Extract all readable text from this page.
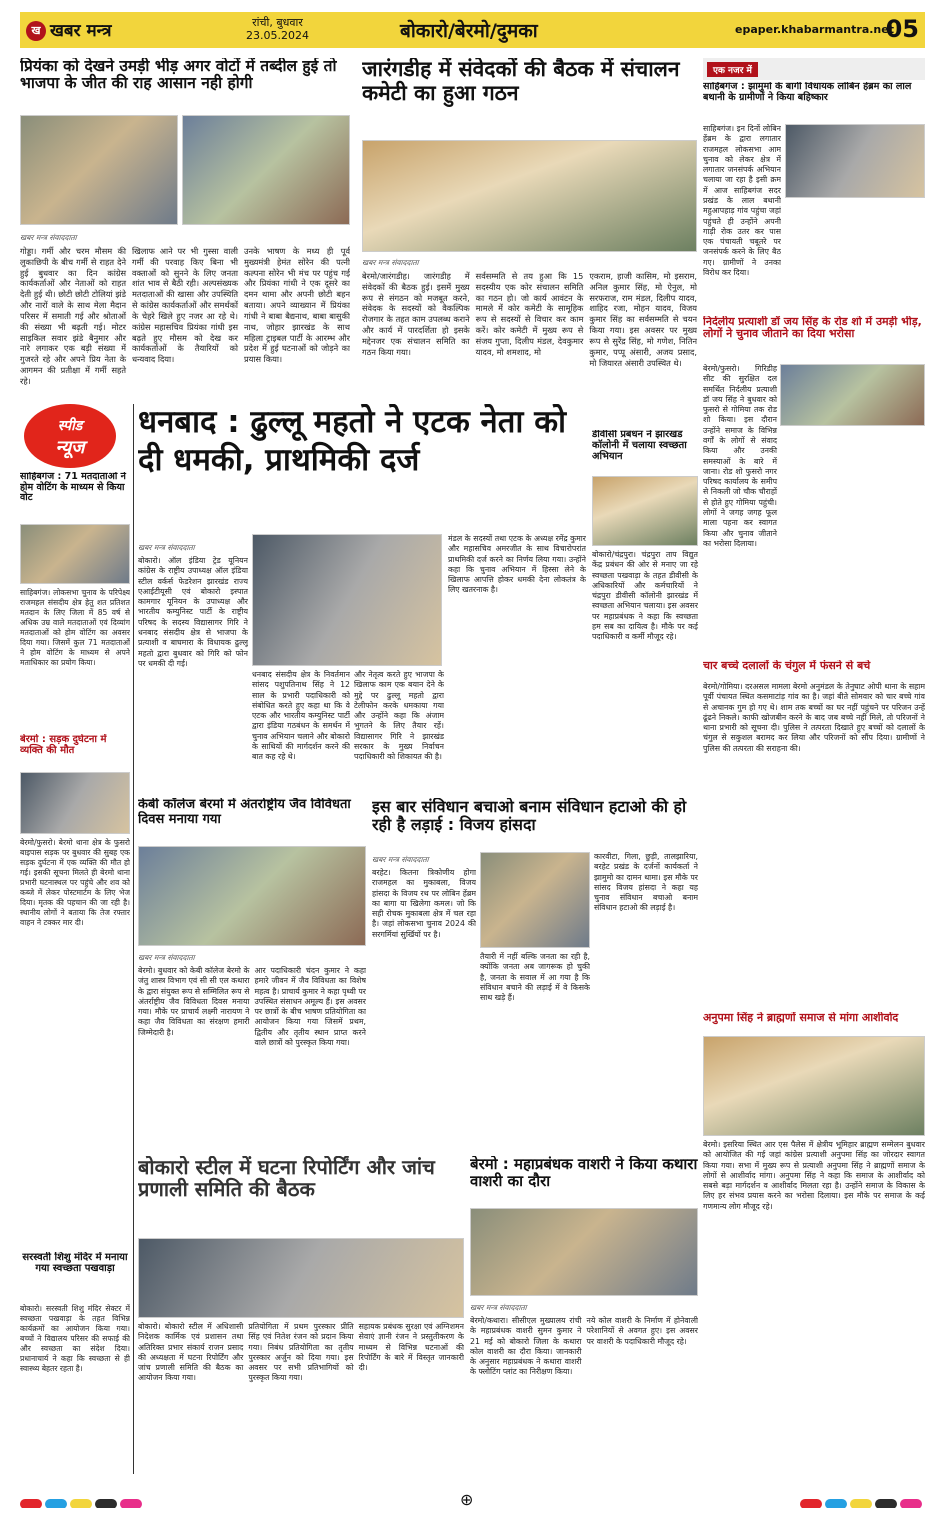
ख खबर मन्त्र	रांची, बुधवार
23.05.2024	बोकारो/बेरमो/दुमका	epaper.khabarmantra.net
05
प्रियंका को देखने उमड़ी भीड़ अगर वोटों में तब्दील हुई तो भाजपा के जीत की राह आसान नही होगी
खबर मन्त्र संवाददाता
गोड्डा। गर्मी और चरम मौसम की लुकाछिपी के बीच गर्मी से राहत देने हुई बुधवार का दिन कांग्रेस कार्यकर्ताओं और नेताओं को राहत देती हुई थी। छोटी छोटी टोलियां झंडे और नारों वाले के साथ मेला मैदान परिसर में समाती गई और श्रोताओं की संख्या भी बढ़ती गई। मोटर साइकिल सवार झंडे बैनुमार और नारे लगाकर एक बड़ी संख्या में गुजरते रहे और अपने प्रिय नेता के आगमन की प्रतीक्षा में गर्मी सहते रहे।
खिलाफ आने पर भी गुस्सा वाली गर्मी की परवाह किए बिना भी वक्ताओं को सुनने के लिए जनता शांत भाव से बैठी रही। अल्पसंख्यक मतदाताओं की खासा और उपस्थिति से कांग्रेस कार्यकर्ताओं और समर्थकों के चेहरे खिले हुए नजर आ रहे थे। कांग्रेस महासचिव प्रियंका गांधी इस बढ़ते हुए मौसम को देख कर कार्यकर्ताओं के तैयारियों को धन्यवाद दिया।
उनके भाषण के मध्य ही पूर्व मुख्यमंत्री हेमंत सोरेन की पत्नी कल्पना सोरेन भी मंच पर पहुंच गई और प्रियंका गांधी ने एक दूसरे का दमन थामा और अपनी छोटी बहन बताया। अपने व्याख्यान में प्रियंका गांधी ने बाबा बैद्यनाथ, बाबा बासुकी नाथ, जोहार झारखंड के साथ महिला ट्राइबल पार्टी के आरम्भ और प्रदेश में हुई घटनाओं को जोड़ने का प्रयास किया।
जारंगडीह में संवेदकों की बैठक में संचालन कमेटी का हुआ गठन
खबर मन्त्र संवाददाता
बेरमो/जारंगडीह। जारंगडीह में संवेदकों की बैठक हुई। इसमें मुख्य रूप से संगठन को मजबूत करने, संवेदक के सदस्यों को वैकल्पिक रोजगार के तहत काम उपलब्ध कराने और कार्य में पारदर्शिता हो इसके मद्देनजर एक संचालन समिति का गठन किया गया।
सर्वसम्मति से तय हुआ कि 15 सदस्यीय एक कोर संचालन समिति का गठन हो। जो कार्य आवंटन के मामले में कोर कमेटी के सामूहिक रूप से सदस्यों से विचार कर काम करें। कोर कमेटी में मुख्य रूप से संजय गुप्ता, दिलीप मंडल, देवकुमार यादव, मो शमशाद, मो
एकराम, हाजी कासिम, मो इसराम, अनिल कुमार सिंह, मो ऐनुल, मो सरफराज, राम मंडल, दिलीप यादव, शाहिद रजा, मोहन यादव, विजय कुमार सिंह का सर्वसम्मति से चयन किया गया। इस अवसर पर मुख्य रूप से सुरेंद्र सिंह, मो गणेश, नितिन कुमार, पप्पू अंसारी, अजय प्रसाद, मो जियारत अंसारी उपस्थित थे।
एक नजर में
साहिबगंज : झामुमो के बागी विधायक लोबिन हेंब्रम का लाल बथानी के ग्रामीणों ने किया बहिष्कार
साहिबगंज। इन दिनों लोबिन हेंब्रम के द्वारा लगातार राजमहल लोकसभा आम चुनाव को लेकर क्षेत्र में लगातार जनसंपर्क अभियान चलाया जा रहा है इसी क्रम में आज साहिबगंज सदर प्रखंड के लाल बथानी महुआपहाड़ गांव पहुंचा जहां पहुंचते ही उन्होंने अपनी गाड़ी रोक उतर कर पास एक पंचायती चबूतरे पर जनसंपर्क करने के लिए बैठ गए। ग्रामीणों ने उनका विरोध कर दिया।
निर्दलीय प्रत्याशी डॉ जय सिंह के रोड शो में उमड़ी भीड़, लोगों ने चुनाव जीताने का दिया भरोसा
बेरमो/फुसरो। गिरिडीह सीट की सुरक्षित दल समर्थित निर्दलीय प्रत्याशी डॉ जय सिंह ने बुधवार को फुसरो से गोमिया तक रोड शो किया। इस दौरान उन्होंने समाज के विभिन्न वर्गों के लोगों से संवाद किया और उनकी समस्याओं के बारे में जाना। रोड शो फुसरो नगर परिषद कार्यालय के समीप से निकली जो चौक चौराहों से होते हुए गोमिया पहुंची। लोगों ने जगह जगह फूल माला पहना कर स्वागत किया और चुनाव जीताने का भरोसा दिलाया।
चार बच्चे दलालों के चंगुल में फंसने से बचे
बेरमो/गोमिया। दरअसल मामला बेरमो अनुमंडल के तेनुघाट ओपी थाना के सहाम पूर्वी पंचायत स्थित कसमाटांड़ गांव का है। जहां बीते सोमवार को चार बच्चे गांव से अचानक गुम हो गए थे। शाम तक बच्चों का घर नहीं पहुंचने पर परिजन उन्हें ढूंढने निकले। काफी खोजबीन करने के बाद जब बच्चे नहीं मिले, तो परिजनों ने थाना प्रभारी को सूचना दी। पुलिस ने तत्परता दिखाते हुए बच्चों को दलालों के चंगुल से सकुशल बरामद कर लिया और परिजनों को सौंप दिया। ग्रामीणों ने पुलिस की तत्परता की सराहना की।
अनुपमा सिंह ने ब्राह्मणों समाज से मांगा आशीर्वाद
बेरमो। इसरिया स्थित आर एस पैलेस में क्षेत्रीय भूमिहार ब्राह्मण सम्मेलन बुधवार को आयोजित की गई जहां कांग्रेस प्रत्याशी अनुपमा सिंह का जोरदार स्वागत किया गया। सभा में मुख्य रूप से प्रत्याशी अनुपमा सिंह ने ब्राह्मणों समाज के लोगों से आशीर्वाद मांगा। अनुपमा सिंह ने कहा कि समाज के आशीर्वाद को सबसे बड़ा मार्गदर्शन व आशीर्वाद मिलता रहा है। उन्होंने समाज के विकास के लिए हर संभव प्रयास करने का भरोसा दिलाया। इस मौके पर समाज के कई गणमान्य लोग मौजूद रहे।
स्पीड
न्यूज
साहिबगंज : 71 मतदाताओं ने होम वोटिंग के माध्यम से किया वोट
साहिबगंज। लोकसभा चुनाव के परिपेक्ष्य राजमहल संसदीय क्षेत्र हेतु शत प्रतिशत मतदान के लिए जिला में 85 वर्ष से अधिक उम्र वाले मतदाताओं एवं दिव्यांग मतदाताओं को होम वोटिंग का अवसर दिया गया। जिसमें कुल 71 मतदाताओं ने होम वोटिंग के माध्यम से अपने मताधिकार का प्रयोग किया।
बेरमो : सड़क दुर्घटना में व्यक्ति की मौत
बेरमो/फुसरो। बेरमो थाना क्षेत्र के फुसरो बाइपास सड़क पर बुधवार की सुबह एक सड़क दुर्घटना में एक व्यक्ति की मौत हो गई। इसकी सूचना मिलते ही बेरमो थाना प्रभारी घटनास्थल पर पहुंचे और शव को कब्जे में लेकर पोस्टमार्टम के लिए भेज दिया। मृतक की पहचान की जा रही है। स्थानीय लोगों ने बताया कि तेज रफ्तार वाहन ने टक्कर मार दी।
सरस्वती शिशु मंदिर में मनाया गया स्वच्छता पखवाड़ा
बोकारो। सरस्वती शिशु मंदिर सेक्टर में स्वच्छता पखवाड़ा के तहत विभिन्न कार्यक्रमों का आयोजन किया गया। बच्चों ने विद्यालय परिसर की सफाई की और स्वच्छता का संदेश दिया। प्रधानाचार्य ने कहा कि स्वच्छता से ही स्वास्थ्य बेहतर रहता है।
धनबाद : ढुल्लू महतो ने एटक नेता को दी धमकी, प्राथमिकी दर्ज
खबर मन्त्र संवाददाता
बोकारो। ऑल इंडिया ट्रेड यूनियन कांग्रेस के राष्ट्रीय उपाध्यक्ष ऑल इंडिया स्टील वर्कर्स फेडरेशन झारखंड राज्य एआईटीयूसी एवं बोकारो इस्पात कामगार यूनियन के उपाध्यक्ष और भारतीय कम्युनिस्ट पार्टी के राष्ट्रीय परिषद के सदस्य विद्यासागर गिरि ने धनबाद संसदीय क्षेत्र से भाजपा के प्रत्याशी व बाघमारा के विधायक ढुल्लू महतो द्वारा बुधवार को गिरि को फोन पर धमकी दी गई।
धनबाद संसदीय क्षेत्र के निवर्तमान सांसद पशुपतिनाथ सिंह ने 12 साल के प्रभारी पदाधिकारी को संबोधित करते हुए कहा था कि वे एटक और भारतीय कम्युनिस्ट पार्टी द्वारा इंडिया गठबंधन के समर्थन में चुनाव अभियान चलाने और बोकारो के साथियों की मार्गदर्शन करने की बात कह रहे थे।
और नेतृत्व करते हुए भाजपा के खिलाफ काम एक बयान देने के मुद्दे पर ढुल्लू महतो द्वारा टेलीफोन करके धमकाया गया और उन्होंने कहा कि अंजाम भुगतने के लिए तैयार रहें। विद्यासागर गिरि ने झारखंड सरकार के मुख्य निर्वाचन पदाधिकारी को शिकायत की है।
मंडल के सदस्यों तथा एटक के अध्यक्ष रमेंद्र कुमार और महासचिव अमरजीत के साथ विचारोपरांत प्राथमिकी दर्ज करने का निर्णय लिया गया। उन्होंने कहा कि चुनाव अभियान में हिस्सा लेने के खिलाफ आपत्ति होकर धमकी देना लोकतंत्र के लिए खतरनाक है।
डीवीसी प्रबंधन ने झारखंड कॉलोनी में चलाया स्वच्छता अभियान
बोकारो/चंद्रपुरा। चंद्रपुरा ताप विद्युत केंद्र प्रबंधन की ओर से मनाए जा रहे स्वच्छता पखवाड़ा के तहत डीवीसी के अधिकारियों और कर्मचारियों ने चंद्रपुरा डीवीसी कॉलोनी झारखंड में स्वच्छता अभियान चलाया। इस अवसर पर महाप्रबंधक ने कहा कि स्वच्छता हम सब का दायित्व है। मौके पर कई पदाधिकारी व कर्मी मौजूद रहे।
केबी कॉलेज बेरमो में अंतर्राष्ट्रीय जैव विविधता दिवस मनाया गया
खबर मन्त्र संवाददाता
बेरमो। बुधवार को केबी कॉलेज बेरमो के जंतु शास्त्र विभाग एवं सी सी एल कथारा के द्वारा संयुक्त रूप से सम्मिलित रूप से अंतर्राष्ट्रीय जैव विविधता दिवस मनाया गया। मौके पर प्राचार्य लक्ष्मी नारायण ने कहा जैव विविधता का संरक्षण हमारी जिम्मेदारी है।
आर पदाधिकारी चंदन कुमार ने कहा हमारे जीवन में जैव विविधता का विशेष महत्व है। प्राचार्य कुमार ने कहा पृथ्वी पर उपस्थित संसाधन अमूल्य हैं। इस अवसर पर छात्रों के बीच भाषण प्रतियोगिता का आयोजन किया गया जिसमें प्रथम, द्वितीय और तृतीय स्थान प्राप्त करने वाले छात्रों को पुरस्कृत किया गया।
इस बार संविधान बचाओ बनाम संविधान हटाओ की हो रही है लड़ाई : विजय हांसदा
खबर मन्त्र संवाददाता
बरहेट। कितना त्रिकोणीय होगा राजमहल का मुकाबला, विजय हांसदा के विजय रथ पर लोबिन हेंब्रम का बागा या खिलेगा कमल। जो कि सही रोचक मुकाबला क्षेत्र में चल रहा है। जहां लोकसभा चुनाव 2024 की सरगर्मियां सुर्खियों पर है।
तैयारी में नहीं बल्कि जनता का रही है, क्योंकि जनता अब जागरूक हो चुकी है, जनता के सवाल में आ गया है कि संविधान बचाने की लड़ाई में वे किसके साथ खड़े हैं।
कारवीटा, गिला, छुड़ी, तालझारिया, बरहेट प्रखंड के दर्जनों कार्यकर्ता ने झामुमो का दामन थामा। इस मौके पर सांसद विजय हांसदा ने कहा यह चुनाव संविधान बचाओ बनाम संविधान हटाओ की लड़ाई है।
बोकारो स्टील में घटना रिपोर्टिंग और जांच प्रणाली समिति की बैठक
बोकारो। बोकारो स्टील में अधिशासी निदेशक कार्मिक एवं प्रशासन तथा अतिरिक्त प्रभार संकार्य राजन प्रसाद की अध्यक्षता में घटना रिपोर्टिंग और जांच प्रणाली समिति की बैठक का आयोजन किया गया।
प्रतियोगिता में प्रथम पुरस्कार प्रीति सिंह एवं नितेश रंजन को प्रदान किया गया। निबंध प्रतियोगिता का तृतीय पुरस्कार अर्जुन को दिया गया। इस अवसर पर सभी प्रतिभागियों को पुरस्कृत किया गया।
सहायक प्रबंधक सुरक्षा एवं अग्निशमन सेवाएं ज्ञानी रंजन ने प्रस्तुतीकरण के माध्यम से विभिन्न घटनाओं की रिपोर्टिंग के बारे में विस्तृत जानकारी दी।
बेरमो : महाप्रबंधक वाशरी ने किया कथारा वाशरी का दौरा
खबर मन्त्र संवाददाता
बेरमो/कथारा। सीसीएल मुख्यालय रांची के महाप्रबंधक वाशरी सुमन कुमार ने 21 मई को बोकारो जिला के कथारा कोल वाशरी का दौरा किया। जानकारी के अनुसार महाप्रबंधक ने कथारा वाशरी के फ्लोटिंग प्लांट का निरीक्षण किया।
नये कोल वाशरी के निर्माण में होनेवाली परेशानियों से अवगत हुए। इस अवसर पर वाशरी के पदाधिकारी मौजूद रहे।
⊕
